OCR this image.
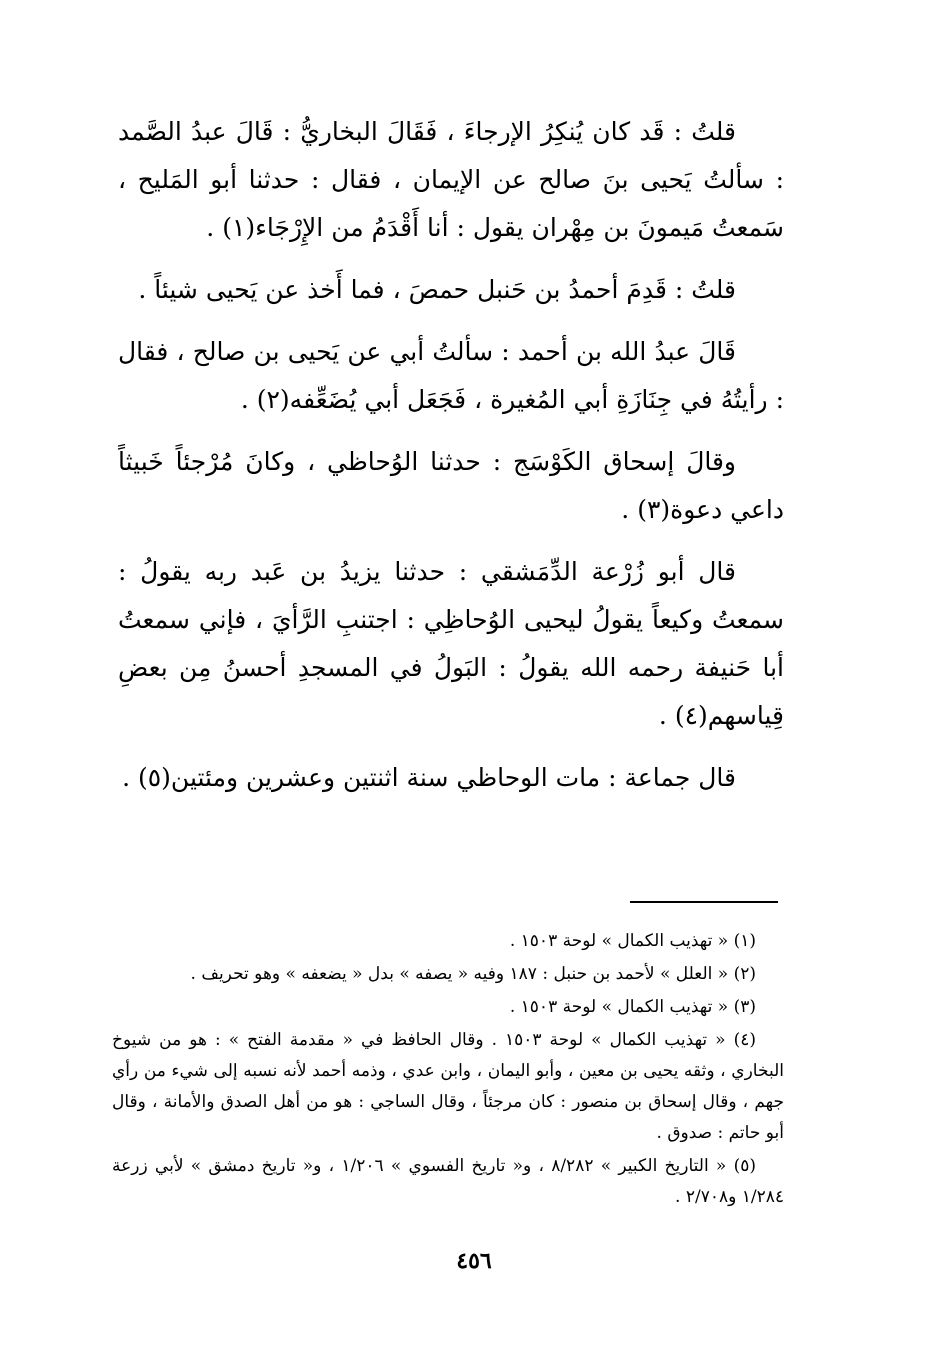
قلتُ : قَد كان يُنكِرُ الإرجاءَ ، فَقَالَ البخاريُّ : قَالَ عبدُ الصَّمد : سألتُ يَحيى بنَ صالح عن الإيمان ، فقال : حدثنا أبو المَليح ، سَمعتُ مَيمونَ بن مِهْران يقول : أنا أَقْدَمُ من الإِرْجَاء(١) .

قلتُ : قَدِمَ أحمدُ بن حَنبل حمصَ ، فما أَخذ عن يَحيى شيئاً .

قَالَ عبدُ الله بن أحمد : سألتُ أبي عن يَحيى بن صالح ، فقال : رأيتُهُ في جِنَازَةِ أبي المُغيرة ، فَجَعَل أبي يُضَعِّفه(٢) .

وقالَ إسحاق الكَوْسَج : حدثنا الوُحاظي ، وكانَ مُرْجئاً خَبيثاً داعي دعوة(٣) .

قال أبو زُرْعة الدِّمَشقي : حدثنا يزيدُ بن عَبد ربه يقولُ : سمعتُ وكيعاً يقولُ ليحيى الوُحاظِي : اجتنبِ الرَّأيَ ، فإني سمعتُ أبا حَنيفة رحمه الله يقولُ : البَولُ في المسجدِ أحسنُ مِن بعضِ قِياسهم(٤) .

قال جماعة : مات الوحاظي سنة اثنتين وعشرين ومئتين(٥) .

(١) « تهذيب الكمال » لوحة ١٥٠٣ .

(٢) « العلل » لأحمد بن حنبل : ١٨٧ وفيه « يصفه » بدل « يضعفه » وهو تحريف .

(٣) « تهذيب الكمال » لوحة ١٥٠٣ .

(٤) « تهذيب الكمال » لوحة ١٥٠٣ . وقال الحافظ في « مقدمة الفتح » : هو من شيوخ البخاري ، وثقه يحيى بن معين ، وأبو اليمان ، وابن عدي ، وذمه أحمد لأنه نسبه إلى شيء من رأي جهم ، وقال إسحاق بن منصور : كان مرجئاً ، وقال الساجي : هو من أهل الصدق والأمانة ، وقال أبو حاتم : صدوق .

(٥) « التاريخ الكبير » ٨/٢٨٢ ، و« تاريخ الفسوي » ١/٢٠٦ ، و« تاريخ دمشق » لأبي زرعة ١/٢٨٤ و٢/٧٠٨ .

٤٥٦
